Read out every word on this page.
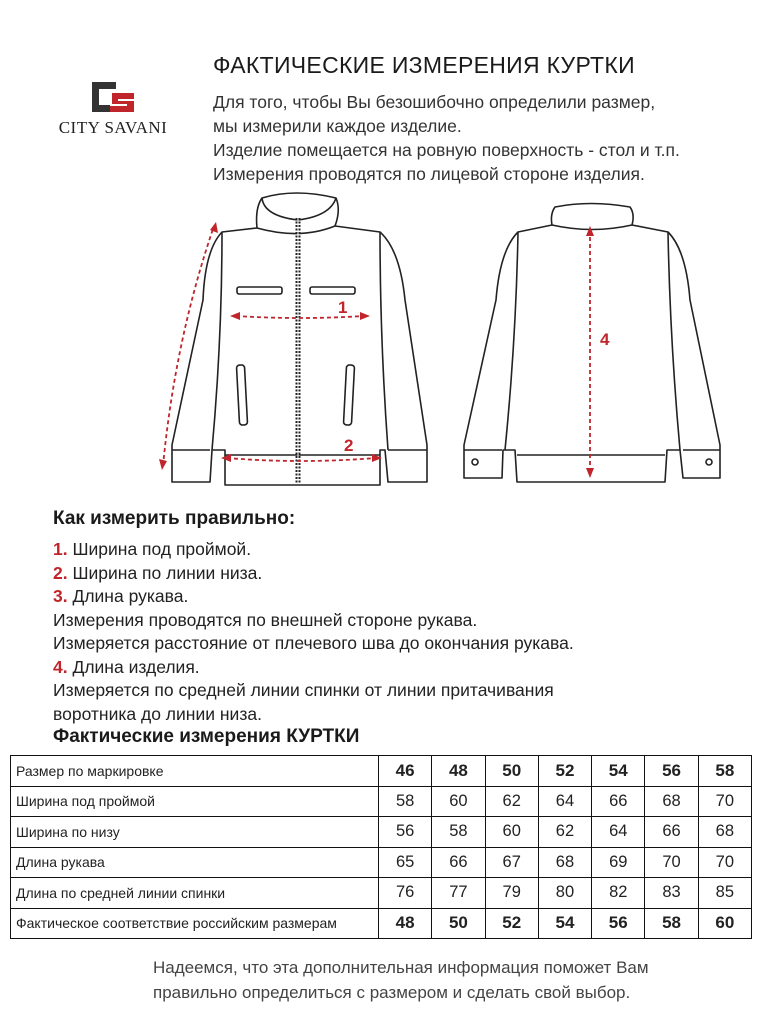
CITY SAVANI
ФАКТИЧЕСКИЕ ИЗМЕРЕНИЯ КУРТКИ
Для того, чтобы Вы безошибочно определили размер,
мы измерили каждое изделие.
Изделие помещается на ровную поверхность - стол и т.п.
Измерения проводятся по лицевой стороне изделия.
1
2
4
Как измерить правильно:
1. Ширина под проймой.
2. Ширина по линии низа.
3. Длина рукава.
Измерения проводятся по внешней стороне рукава.
Измеряется расстояние от плечевого шва до окончания рукава.
4. Длина изделия.
Измеряется по средней линии спинки от линии притачивания
воротника до линии низа.
Фактические измерения КУРТКИ
Размер по маркировке	46	48	50	52	54	56	58
Ширина под проймой	58	60	62	64	66	68	70
Ширина по низу	56	58	60	62	64	66	68
Длина рукава	65	66	67	68	69	70	70
Длина по средней линии спинки	76	77	79	80	82	83	85
Фактическое соответствие российским размерам	48	50	52	54	56	58	60
Надеемся, что эта дополнительная информация поможет Вам
правильно определиться с размером и сделать свой выбор.
